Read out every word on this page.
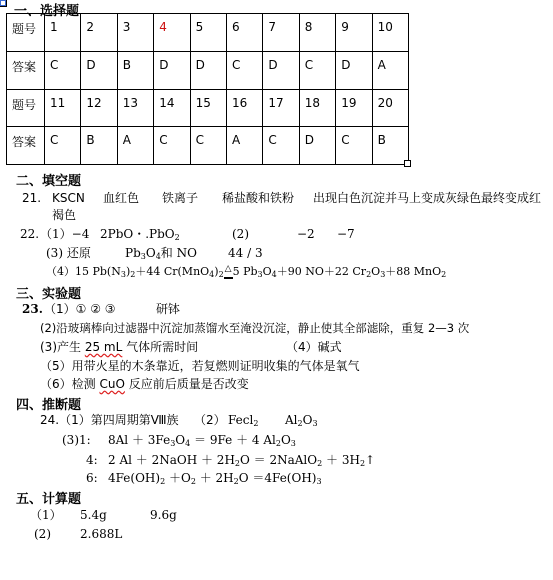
一、选择题
题号	1	2	3	4	5	6	7	8	9	10
答案	C	D	B	D	D	C	D	C	D	A
题号	11	12	13	14	15	16	17	18	19	20
答案	C	B	A	C	C	A	C	D	C	B
二、填空题
21. KSCN 血红色 铁离子 稀盐酸和铁粉 出现白色沉淀并马上变成灰绿色最终变成红
褐色
22. （1）−4 2PbO・.PbO$_2$	(2)	−2 −7
(3) 还原	$Pb_3O_4$和 NO	44 / 3
（4）15 $Pb(N_3)_2+44$ $Cr(MnO_4)_2\triangle 5$ $Pb_3O_4+90$ NO＋22 $Cr_2O_3+88$ MnO$_2$
三、实验题
23. （1）① ② ③	研钵
(2)沿玻璃棒向过滤器中沉淀加蒸馏水至淹没沉淀，静止使其全部滤除，重复 2—3 次
(3)产生 25 mL 气体所需时间	（4）碱式
（5）用带火星的木条靠近，若复燃则证明收集的气体是氧气
（6）检测 CuO 反应前后质量是否改变
四、推断题
24.（1）第四周期第Ⅷ族 （2） Fecl$_2$ $Al_2O_3$
(3)1: $8Al + 3Fe_3O_4 = 9Fe + 4$ $Al_2O_3$
4: 2 Al ＋ 2NaOH ＋ $2H_2O$ ＝ 2NaAlO$_2$ ＋ $3H_2↑$
6: $4Fe(OH)_2 +O_2 + 2H_2O =4Fe(OH)_3$
五、计算题
（1） 5.4g	9.6g
(2) 2.688L
